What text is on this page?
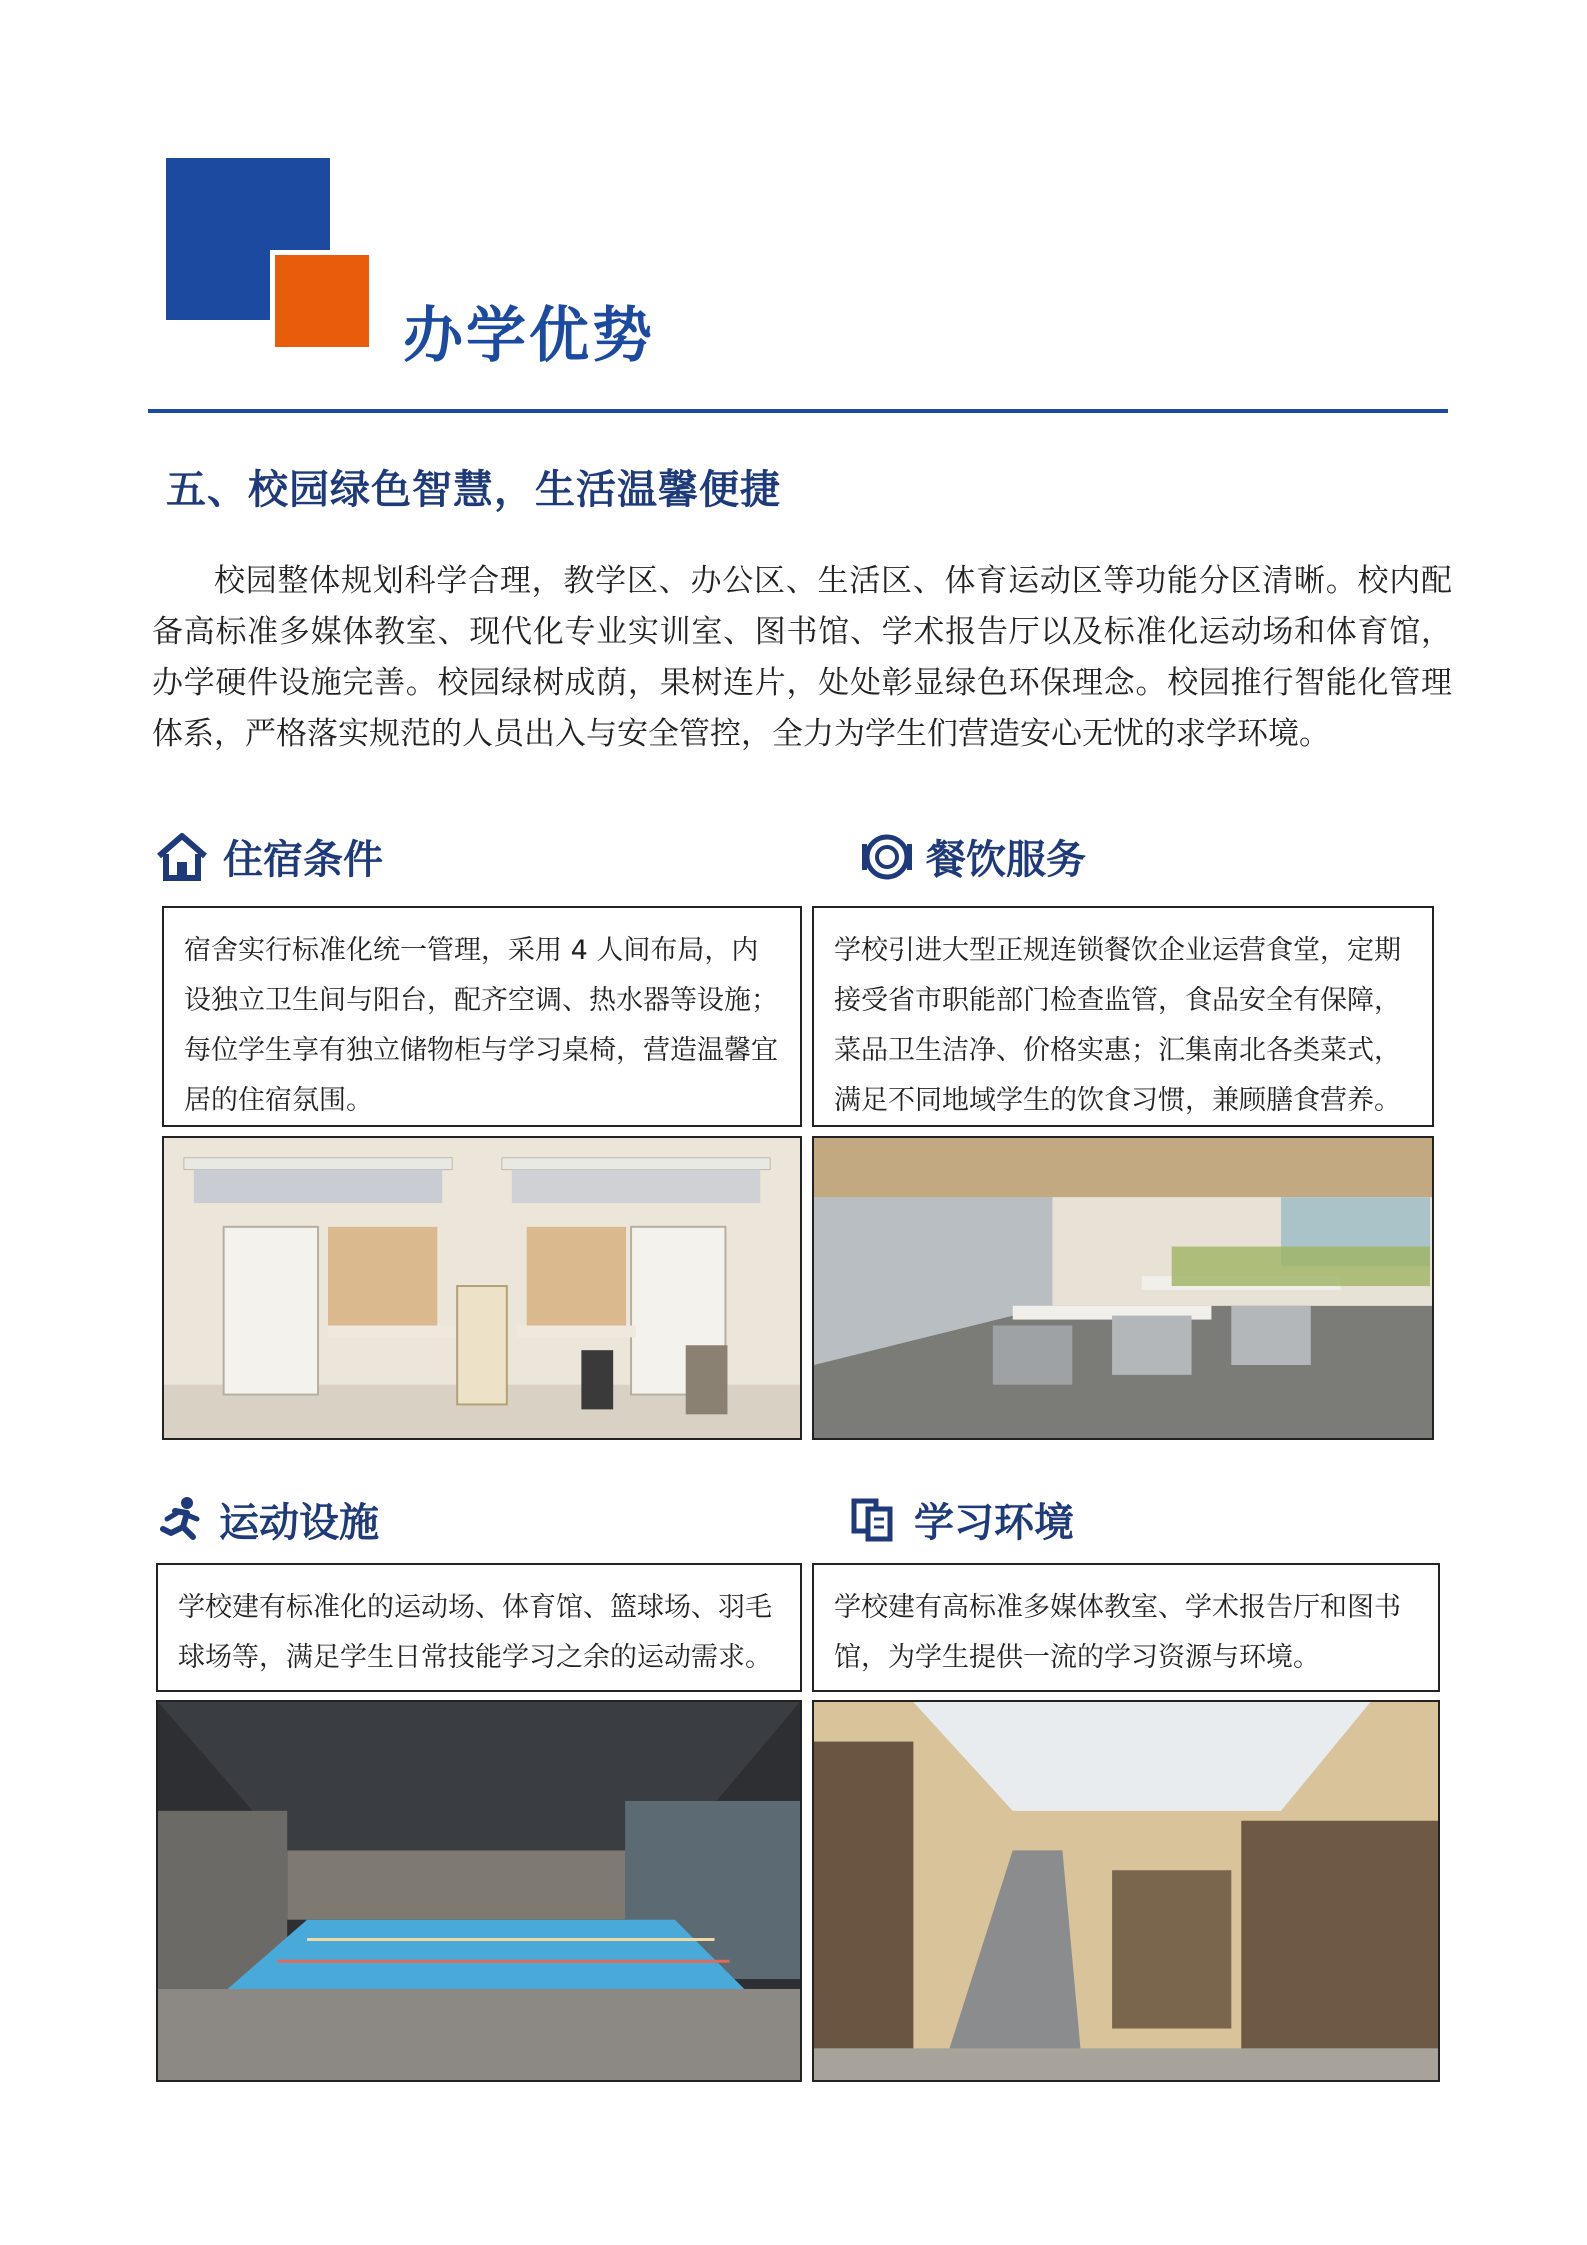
办学优势
五、校园绿色智慧，生活温馨便捷
校园整体规划科学合理，教学区、办公区、生活区、体育运动区等功能分区清晰。校内配备高标准多媒体教室、现代化专业实训室、图书馆、学术报告厅以及标准化运动场和体育馆，办学硬件设施完善。校园绿树成荫，果树连片，处处彰显绿色环保理念。校园推行智能化管理体系，严格落实规范的人员出入与安全管控，全力为学生们营造安心无忧的求学环境。
住宿条件
宿舍实行标准化统一管理，采用 4 人间布局，内设独立卫生间与阳台，配齐空调、热水器等设施；每位学生享有独立储物柜与学习桌椅，营造温馨宜居的住宿氛围。
餐饮服务
学校引进大型正规连锁餐饮企业运营食堂，定期接受省市职能部门检查监管，食品安全有保障，菜品卫生洁净、价格实惠；汇集南北各类菜式，满足不同地域学生的饮食习惯，兼顾膳食营养。
运动设施
学校建有标准化的运动场、体育馆、篮球场、羽毛球场等，满足学生日常技能学习之余的运动需求。
学习环境
学校建有高标准多媒体教室、学术报告厅和图书馆，为学生提供一流的学习资源与环境。
